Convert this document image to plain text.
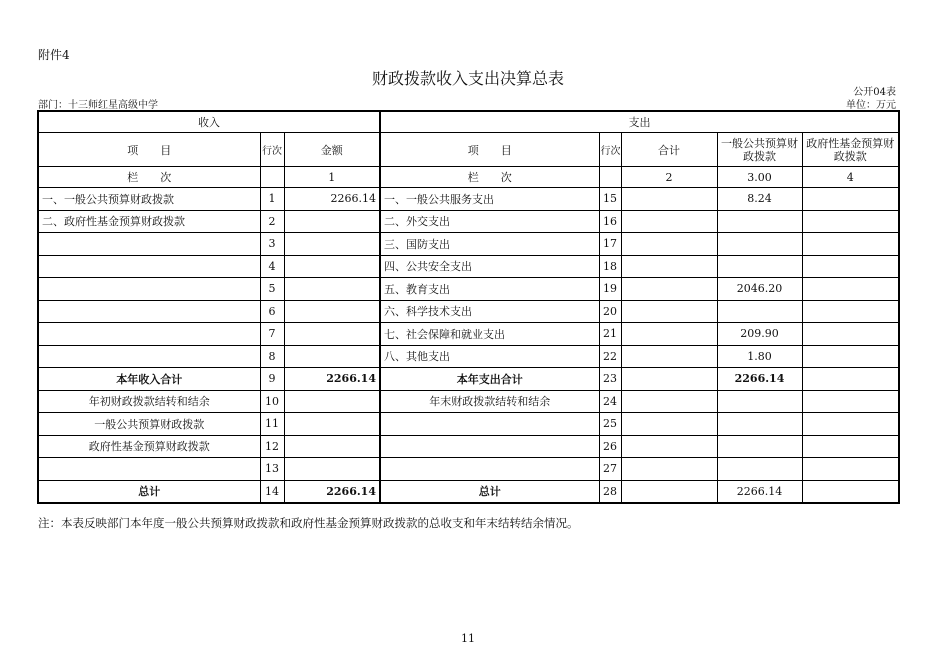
附件4
财政拨款收入支出决算总表
公开04表
部门：十三师红星高级中学	单位：万元
收入			支出				
项　　目	行次	金额	项　　目	行次	合计	一般公共预算财政拨款	政府性基金预算财政拨款
栏　　次		1	栏　　次		2	3.00	4
一、一般公共预算财政拨款	1	2266.14	一、一般公共服务支出	15		8.24	
二、政府性基金预算财政拨款	2		二、外交支出	16			
	3		三、国防支出	17			
	4		四、公共安全支出	18			
	5		五、教育支出	19		2046.20	
	6		六、科学技术支出	20			
	7		七、社会保障和就业支出	21		209.90	
	8		八、其他支出	22		1.80	
本年收入合计	9	2266.14	本年支出合计	23		2266.14	
年初财政拨款结转和结余	10		年末财政拨款结转和结余	24			
一般公共预算财政拨款	11			25			
政府性基金预算财政拨款	12			26			
	13			27			
总计	14	2266.14	总计	28		2266.14	
注：本表反映部门本年度一般公共预算财政拨款和政府性基金预算财政拨款的总收支和年末结转结余情况。
11
